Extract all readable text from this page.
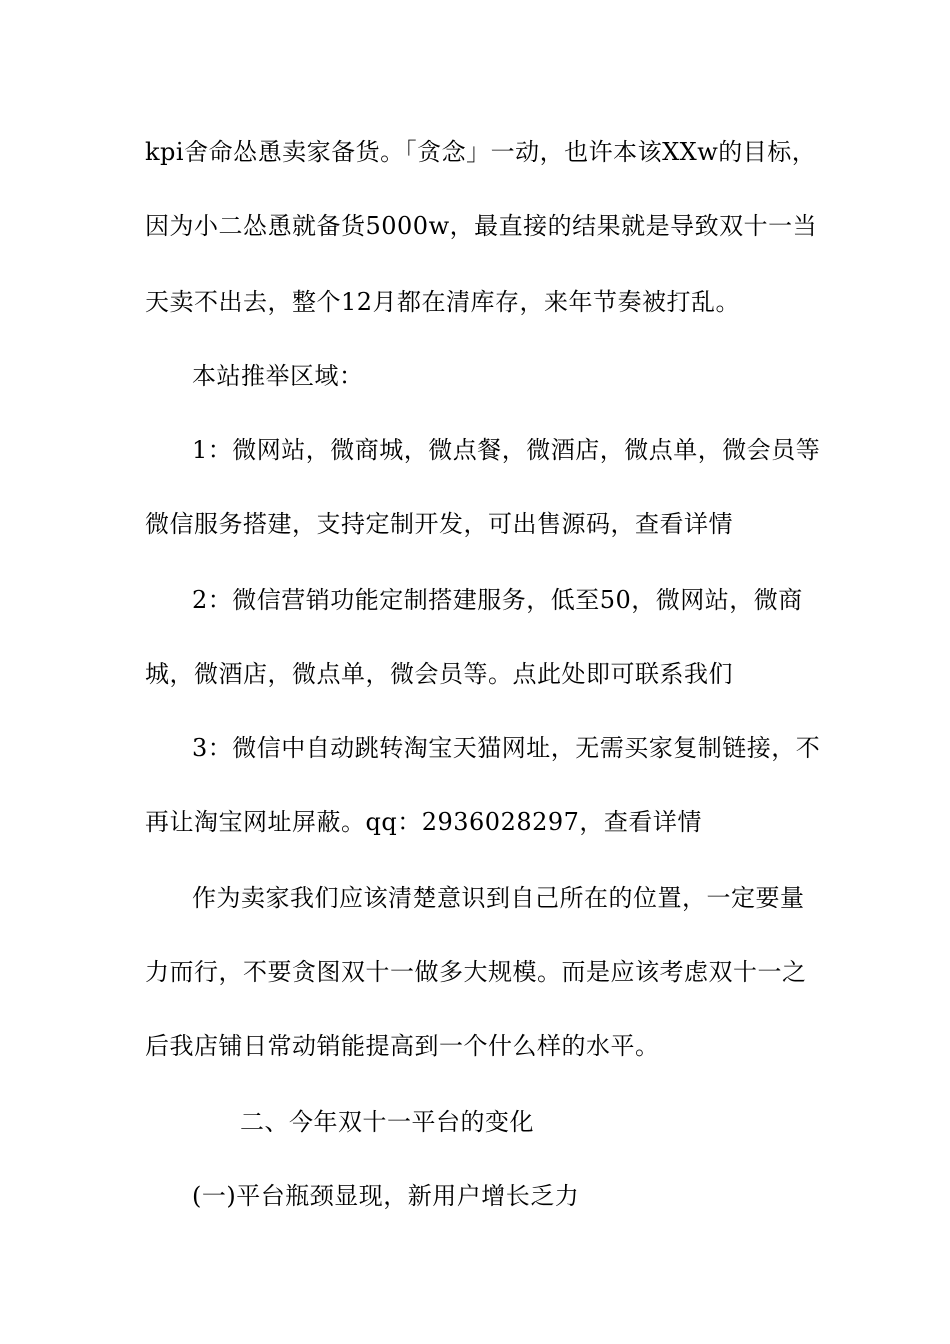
kpi舍命怂恿卖家备货。「贪念」一动，也许本该XXw的目标，
因为小二怂恿就备货5000w，最直接的结果就是导致双十一当
天卖不出去，整个12月都在清库存，来年节奏被打乱。
本站推举区域：
1：微网站，微商城，微点餐，微酒店，微点单，微会员等
微信服务搭建，支持定制开发，可出售源码，查看详情
2：微信营销功能定制搭建服务，低至50，微网站，微商
城，微酒店，微点单，微会员等。点此处即可联系我们
3：微信中自动跳转淘宝天猫网址，无需买家复制链接，不
再让淘宝网址屏蔽。qq：2936028297，查看详情
作为卖家我们应该清楚意识到自己所在的位置，一定要量
力而行，不要贪图双十一做多大规模。而是应该考虑双十一之
后我店铺日常动销能提高到一个什么样的水平。
二、今年双十一平台的变化
(一)平台瓶颈显现，新用户增长乏力
